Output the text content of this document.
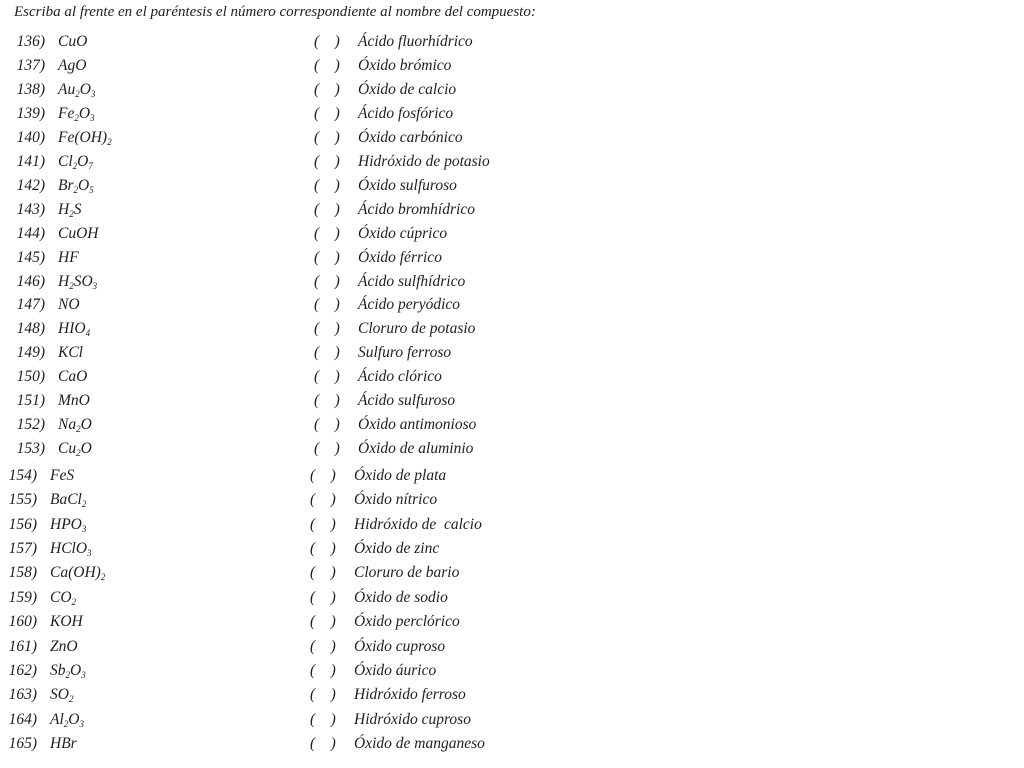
Escriba al frente en el paréntesis el número correspondiente al nombre del compuesto:
136) CuO	(    ) Ácido fluorhídrico
137) AgO	(    ) Óxido brómico
138) $Au_2O_3$	(    ) Óxido de calcio
139) $Fe_2O_3$	(    ) Ácido fosfórico
140) $Fe(OH)_2$	(    ) Óxido carbónico
141) $Cl_2O_7$	(    ) Hidróxido de potasio
142) $Br_2O_5$	(    ) Óxido sulfuroso
143) $H_2S$	(    ) Ácido bromhídrico
144) CuOH	(    ) Óxido cúprico
145) HF	(    ) Óxido férrico
146) $H_2SO_3$	(    ) Ácido sulfhídrico
147) NO	(    ) Ácido peryódico
148) $HIO_4$	(    ) Cloruro de potasio
149) KCl	(    ) Sulfuro ferroso
150) CaO	(    ) Ácido clórico
151) MnO	(    ) Ácido sulfuroso
152) $Na_2O$	(    ) Óxido antimonioso
153) $Cu_2O$	(    ) Óxido de aluminio
154) FeS	(    ) Óxido de plata
155) BaCl$_2$	(    ) Óxido nítrico
156) $HPO_3$	(    ) Hidróxido de  calcio
157) HClO$_3$	(    ) Óxido de zinc
158) $Ca(OH)_2$	(    ) Cloruro de bario
159) $CO_2$	(    ) Óxido de sodio
160) KOH	(    ) Óxido perclórico
161) ZnO	(    ) Óxido cuproso
162) $Sb_2O_3$	(    ) Óxido áurico
163) $SO_2$	(    ) Hidróxido ferroso
164) $Al_2O_3$	(    ) Hidróxido cuproso
165) HBr	(    ) Óxido de manganeso
